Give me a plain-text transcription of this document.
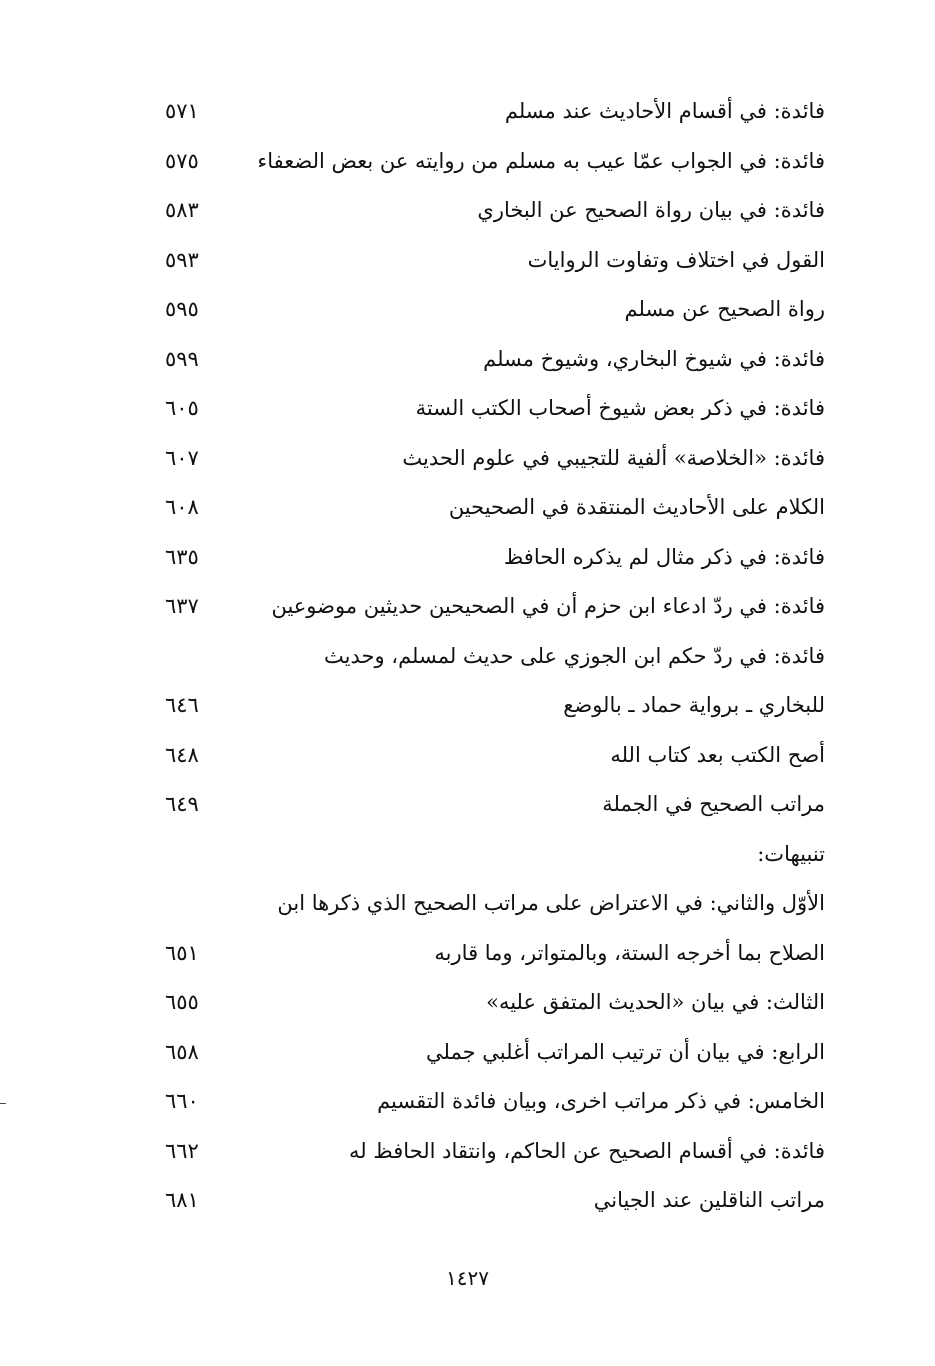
فائدة: في أقسام الأحاديث عند مسلم
٥٧١
فائدة: في الجواب عمّا عيب به مسلم من روايته عن بعض الضعفاء
٥٧٥
فائدة: في بيان رواة الصحيح عن البخاري
٥٨٣
القول في اختلاف وتفاوت الروايات
٥٩٣
رواة الصحيح عن مسلم
٥٩٥
فائدة: في شيوخ البخاري، وشيوخ مسلم
٥٩٩
فائدة: في ذكر بعض شيوخ أصحاب الكتب الستة
٦٠٥
فائدة: «الخلاصة» ألفية للتجيبي في علوم الحديث
٦٠٧
الكلام على الأحاديث المنتقدة في الصحيحين
٦٠٨
فائدة: في ذكر مثال لم يذكره الحافظ
٦٣٥
فائدة: في ردّ ادعاء ابن حزم أن في الصحيحين حديثين موضوعين
٦٣٧
فائدة: في ردّ حكم ابن الجوزي على حديث لمسلم، وحديث
للبخاري ـ برواية حماد ـ بالوضع
٦٤٦
أصح الكتب بعد كتاب الله
٦٤٨
مراتب الصحيح في الجملة
٦٤٩
تنبيهات:
الأوّل والثاني: في الاعتراض على مراتب الصحيح الذي ذكرها ابن
الصلاح بما أخرجه الستة، وبالمتواتر، وما قاربه
٦٥١
الثالث: في بيان «الحديث المتفق عليه»
٦٥٥
الرابع: في بيان أن ترتيب المراتب أغلبي جملي
٦٥٨
الخامس: في ذكر مراتب اخرى، وبيان فائدة التقسيم
٦٦٠
فائدة: في أقسام الصحيح عن الحاكم، وانتقاد الحافظ له
٦٦٢
مراتب الناقلين عند الجياني
٦٨١
١٤٢٧
